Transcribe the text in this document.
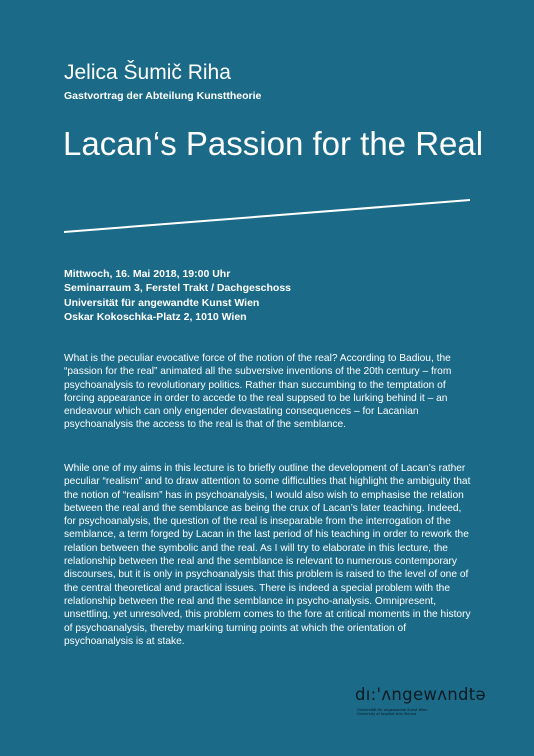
Jelica Šumič Riha

Gastvortrag der Abteilung Kunsttheorie

Lacan‘s Passion for the Real
Mittwoch, 16. Mai 2018, 19:00 Uhr
Seminarraum 3, Ferstel Trakt / Dachgeschoss
Universität für angewandte Kunst Wien
Oskar Kokoschka-Platz 2, 1010 Wien

What is the peculiar evocative force of the notion of the real? According to Badiou, the “passion for the real” animated all the subversive inventions of the 20th century – from psychoanalysis to revolutionary politics. Rather than succumbing to the temptation of forcing appearance in order to accede to the real suppsed to be lurking behind it – an endeavour which can only engender devastating consequences – for Lacanian psychoanalysis the access to the real is that of the semblance.

While one of my aims in this lecture is to briefly outline the development of Lacan’s rather peculiar “realism” and to draw attention to some difficulties that highlight the ambiguity that the notion of “realism” has in psychoanalysis, I would also wish to emphasise the relation between the real and the semblance as being the crux of Lacan’s later teaching. Indeed, for psychoanalysis, the question of the real is inseparable from the interrogation of the semblance, a term forged by Lacan in the last period of his teaching in order to rework the relation between the symbolic and the real. As I will try to elaborate in this lecture, the relationship between the real and the semblance is relevant to numerous contemporary discourses, but it is only in psychoanalysis that this problem is raised to the level of one of the central theoretical and practical issues. There is indeed a special problem with the relationship between the real and the semblance in psycho-analysis. Omnipresent, unsettling, yet unresolved, this problem comes to the fore at critical moments in the history of psychoanalysis, thereby marking turning points at which the orientation of psychoanalysis is at stake.

dı:'ʌngewʌndtə
Universität für angewandte Kunst Wien
University of Applied Arts Vienna
